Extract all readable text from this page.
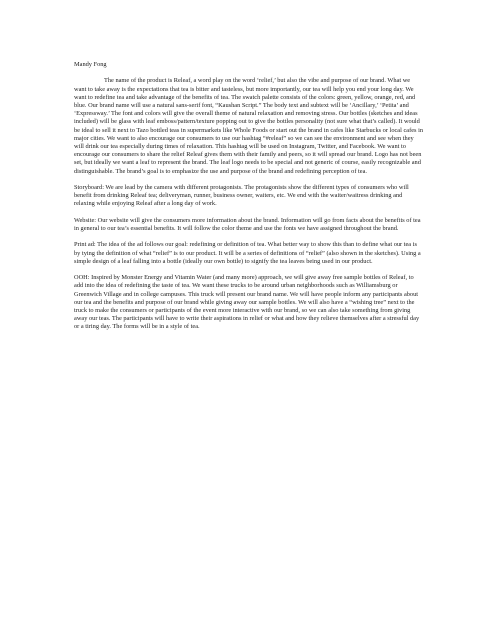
Mandy Fong

The name of the product is Releaf, a word play on the word ‘relief,’ but also the vibe and purpose of our brand. What we want to take away is the expectations that tea is bitter and tasteless, but more importantly, our tea will help you end your long day. We want to redefine tea and take advantage of the benefits of tea. The swatch palette consists of the colors: green, yellow, orange, red, and blue. Our brand name will use a natural sans-serif font, “Kaushan Script.” The body text and subtext will be ‘Ancillary,’ ‘Petita’ and ‘Expressway.’ The font and colors will give the overall theme of natural relaxation and removing stress. Our bottles (sketches and ideas included) will be glass with leaf emboss/pattern/texture popping out to give the bottles personality (not sure what that’s called). It would be ideal to sell it next to Tazo bottled teas in supermarkets like Whole Foods or start out the brand in cafes like Starbucks or local cafes in major cities. We want to also encourage our consumers to use our hashtag “#releaf” so we can see the environment and see when they will drink our tea especially during times of relaxation. This hashtag will be used on Instagram, Twitter, and Facebook. We want to encourage our consumers to share the relief Releaf gives them with their family and peers, so it will spread our brand. Logo has not been set, but ideally we want a leaf to represent the brand. The leaf logo needs to be special and not generic of course, easily recognizable and distinguishable. The brand’s goal is to emphasize the use and purpose of the brand and redefining perception of tea.

Storyboard: We are lead by the camera with different protagonists. The protagonists show the different types of consumers who will benefit from drinking Releaf tea; deliveryman, runner, business owner, waiters, etc. We end with the waiter/waitress drinking and relaxing while enjoying Releaf after a long day of work.

Website: Our website will give the consumers more information about the brand. Information will go from facts about the benefits of tea in general to our tea’s essential benefits. It will follow the color theme and use the fonts we have assigned throughout the brand.

Print ad: The idea of the ad follows our goal: redefining or definition of tea. What better way to show this than to define what our tea is by tying the definition of what “relief” is to our product. It will be a series of definitions of “relief” (also shown in the sketches). Using a simple design of a leaf falling into a bottle (ideally our own bottle) to signify the tea leaves being used in our product.

OOH: Inspired by Monster Energy and Vitamin Water (and many more) approach, we will give away free sample bottles of Releaf, to add into the idea of redefining the taste of tea. We want these trucks to be around urban neighborhoods such as Williamsburg or Greenwich Village and in college campuses. This truck will present our brand name. We will have people inform any participants about our tea and the benefits and purpose of our brand while giving away our sample bottles. We will also have a “wishing tree” next to the truck to make the consumers or participants of the event more interactive with our brand, so we can also take something from giving away our teas. The participants will have to write their aspirations in relief or what and how they relieve themselves after a stressful day or a tiring day. The forms will be in a style of tea.
